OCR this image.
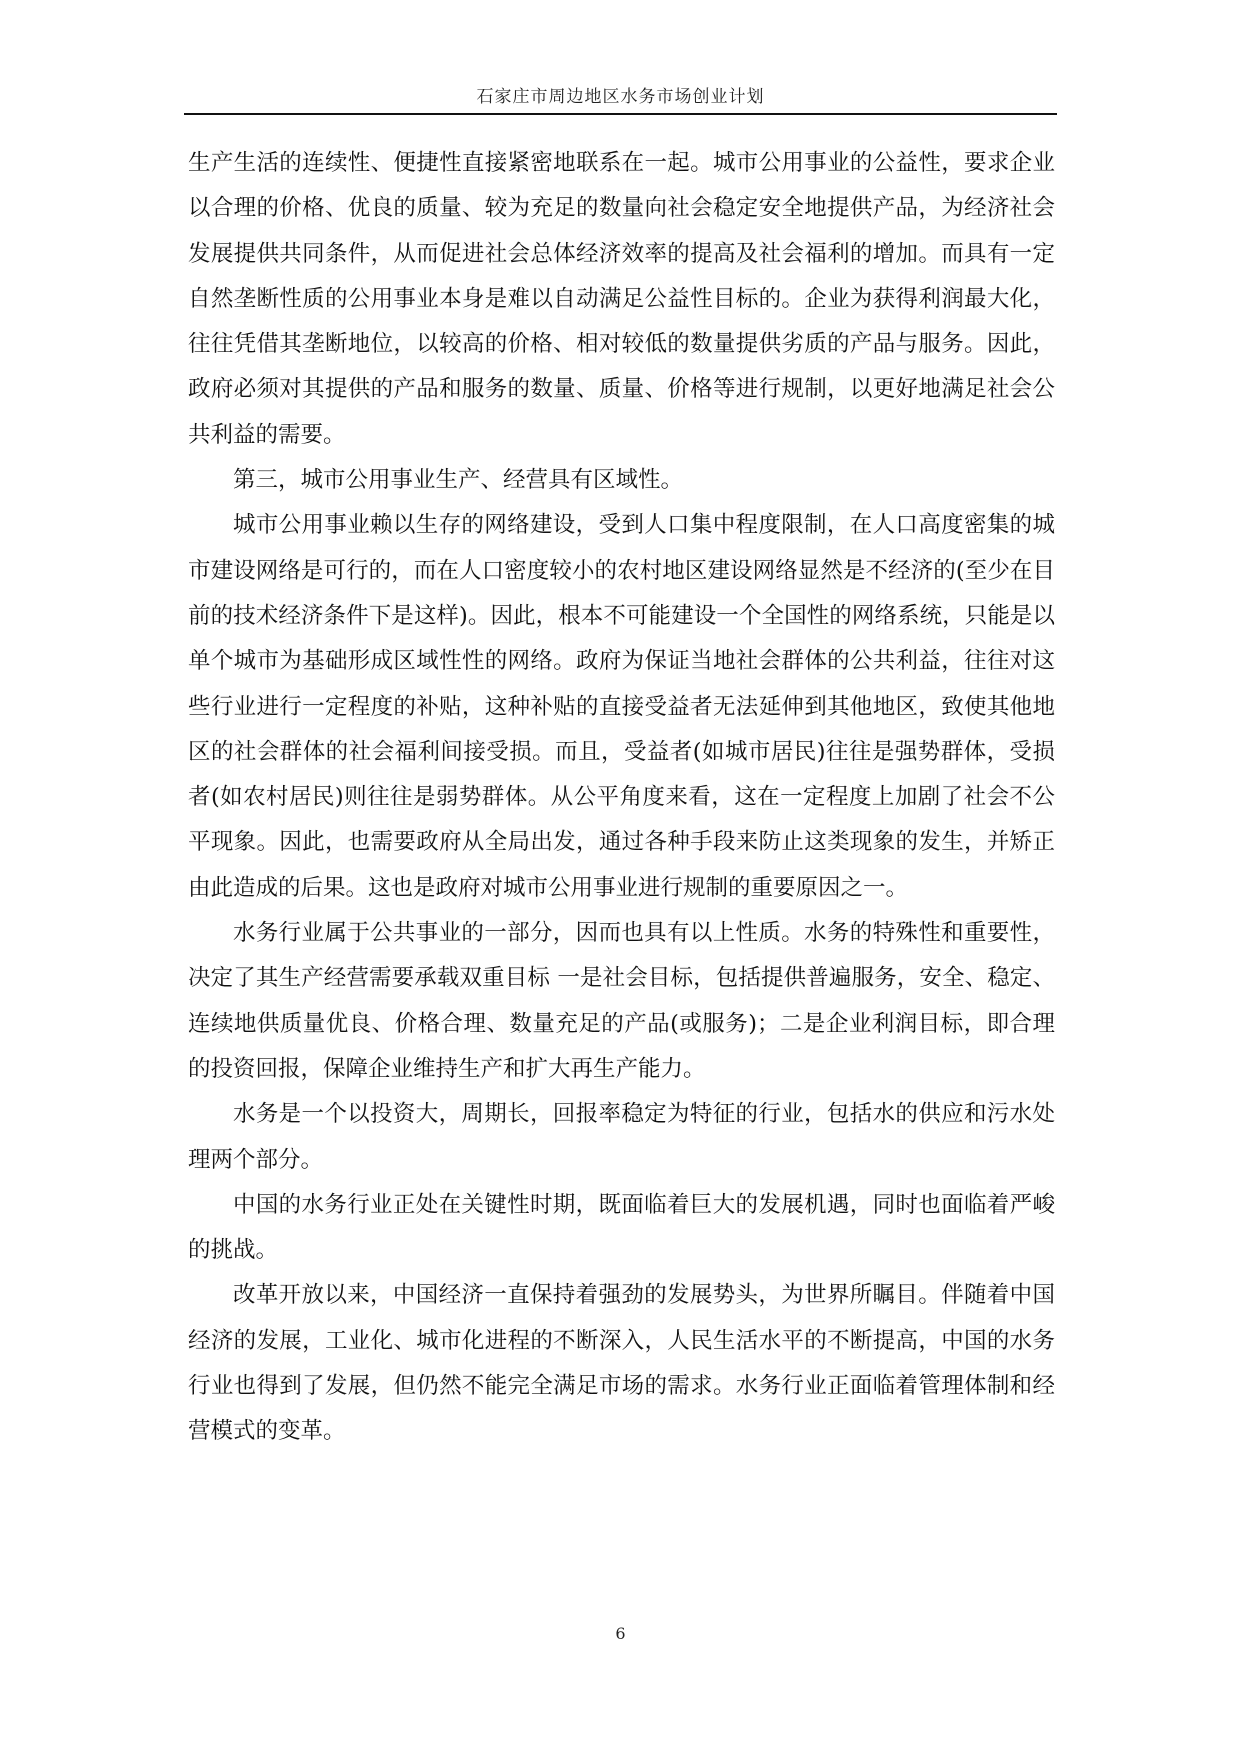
石家庄市周边地区水务市场创业计划

生产生活的连续性、便捷性直接紧密地联系在一起。城市公用事业的公益性，要求企业以合理的价格、优良的质量、较为充足的数量向社会稳定安全地提供产品，为经济社会发展提供共同条件，从而促进社会总体经济效率的提高及社会福利的增加。而具有一定自然垄断性质的公用事业本身是难以自动满足公益性目标的。企业为获得利润最大化，往往凭借其垄断地位，以较高的价格、相对较低的数量提供劣质的产品与服务。因此，政府必须对其提供的产品和服务的数量、质量、价格等进行规制，以更好地满足社会公共利益的需要。

第三，城市公用事业生产、经营具有区域性。

城市公用事业赖以生存的网络建设，受到人口集中程度限制，在人口高度密集的城市建设网络是可行的，而在人口密度较小的农村地区建设网络显然是不经济的(至少在目前的技术经济条件下是这样)。因此，根本不可能建设一个全国性的网络系统，只能是以单个城市为基础形成区域性性的网络。政府为保证当地社会群体的公共利益，往往对这些行业进行一定程度的补贴，这种补贴的直接受益者无法延伸到其他地区，致使其他地区的社会群体的社会福利间接受损。而且，受益者(如城市居民)往往是强势群体，受损者(如农村居民)则往往是弱势群体。从公平角度来看，这在一定程度上加剧了社会不公平现象。因此，也需要政府从全局出发，通过各种手段来防止这类现象的发生，并矫正由此造成的后果。这也是政府对城市公用事业进行规制的重要原因之一。

水务行业属于公共事业的一部分，因而也具有以上性质。水务的特殊性和重要性，决定了其生产经营需要承载双重目标 一是社会目标，包括提供普遍服务，安全、稳定、连续地供质量优良、价格合理、数量充足的产品(或服务)；二是企业利润目标，即合理的投资回报，保障企业维持生产和扩大再生产能力。

水务是一个以投资大，周期长，回报率稳定为特征的行业，包括水的供应和污水处理两个部分。

中国的水务行业正处在关键性时期，既面临着巨大的发展机遇，同时也面临着严峻的挑战。

改革开放以来，中国经济一直保持着强劲的发展势头，为世界所瞩目。伴随着中国经济的发展，工业化、城市化进程的不断深入，人民生活水平的不断提高，中国的水务行业也得到了发展，但仍然不能完全满足市场的需求。水务行业正面临着管理体制和经营模式的变革。

6
